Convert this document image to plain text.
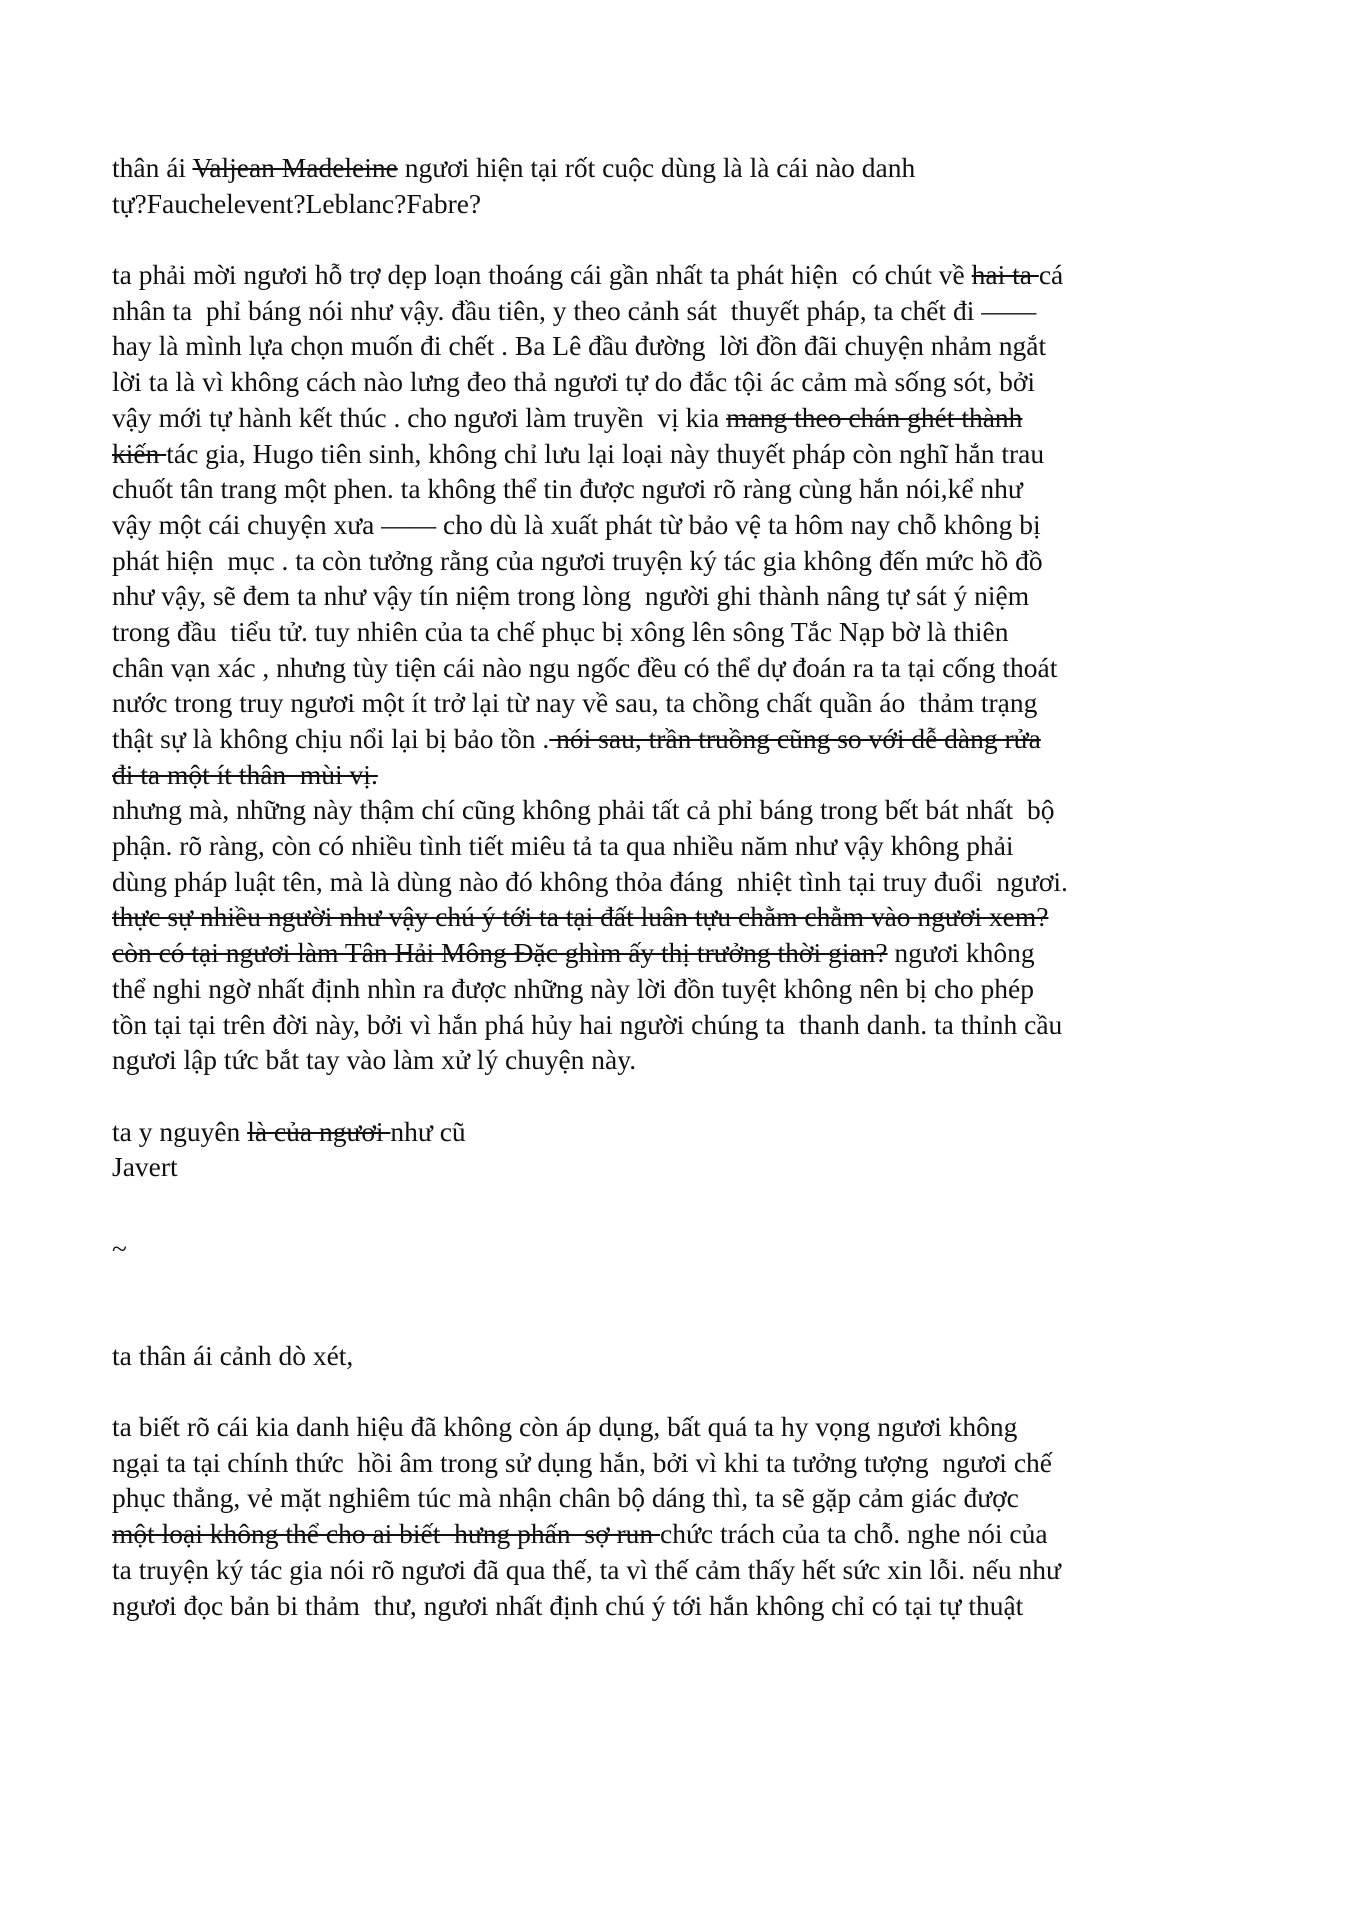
thân ái Valjean Madeleine ngươi hiện tại rốt cuộc dùng là là cái nào danh
tự?Fauchelevent?Leblanc?Fabre?
ta phải mời ngươi hỗ trợ dẹp loạn thoáng cái gần nhất ta phát hiện  có chút về hai ta cá
nhân ta  phỉ báng nói như vậy. đầu tiên, y theo cảnh sát  thuyết pháp, ta chết đi ——
hay là mình lựa chọn muốn đi chết . Ba Lê đầu đường  lời đồn đãi chuyện nhảm ngắt
lời ta là vì không cách nào lưng đeo thả ngươi tự do đắc tội ác cảm mà sống sót, bởi
vậy mới tự hành kết thúc . cho ngươi làm truyền  vị kia mang theo chán ghét thành
kiến tác gia, Hugo tiên sinh, không chỉ lưu lại loại này thuyết pháp còn nghĩ hắn trau
chuốt tân trang một phen. ta không thể tin được ngươi rõ ràng cùng hắn nói,kể như
vậy một cái chuyện xưa —— cho dù là xuất phát từ bảo vệ ta hôm nay chỗ không bị
phát hiện  mục . ta còn tưởng rằng của ngươi truyện ký tác gia không đến mức hồ đồ
như vậy, sẽ đem ta như vậy tín niệm trong lòng  người ghi thành nâng tự sát ý niệm
trong đầu  tiểu tử. tuy nhiên của ta chế phục bị xông lên sông Tắc Nạp bờ là thiên
chân vạn xác , nhưng tùy tiện cái nào ngu ngốc đều có thể dự đoán ra ta tại cống thoát
nước trong truy ngươi một ít trở lại từ nay về sau, ta chồng chất quần áo  thảm trạng
thật sự là không chịu nổi lại bị bảo tồn . nói sau, trần truồng cũng so với dễ dàng rửa
đi ta một ít thân  mùi vị.
nhưng mà, những này thậm chí cũng không phải tất cả phỉ báng trong bết bát nhất  bộ
phận. rõ ràng, còn có nhiều tình tiết miêu tả ta qua nhiều năm như vậy không phải
dùng pháp luật tên, mà là dùng nào đó không thỏa đáng  nhiệt tình tại truy đuổi  ngươi.
thực sự nhiều người như vậy chú ý tới ta tại đất luân tựu chằm chằm vào ngươi xem?
còn có tại ngươi làm Tân Hải Mông Đặc ghìm ấy thị trưởng thời gian? ngươi không
thể nghi ngờ nhất định nhìn ra được những này lời đồn tuyệt không nên bị cho phép
tồn tại tại trên đời này, bởi vì hắn phá hủy hai người chúng ta  thanh danh. ta thỉnh cầu
ngươi lập tức bắt tay vào làm xử lý chuyện này.
ta y nguyên là của ngươi như cũ
Javert
~
ta thân ái cảnh dò xét,
ta biết rõ cái kia danh hiệu đã không còn áp dụng, bất quá ta hy vọng ngươi không
ngại ta tại chính thức  hồi âm trong sử dụng hắn, bởi vì khi ta tưởng tượng  ngươi chế
phục thẳng, vẻ mặt nghiêm túc mà nhận chân bộ dáng thì, ta sẽ gặp cảm giác được
một loại không thể cho ai biết  hưng phấn  sợ run chức trách của ta chỗ. nghe nói của
ta truyện ký tác gia nói rõ ngươi đã qua thế, ta vì thế cảm thấy hết sức xin lỗi. nếu như
ngươi đọc bản bi thảm  thư, ngươi nhất định chú ý tới hắn không chỉ có tại tự thuật
